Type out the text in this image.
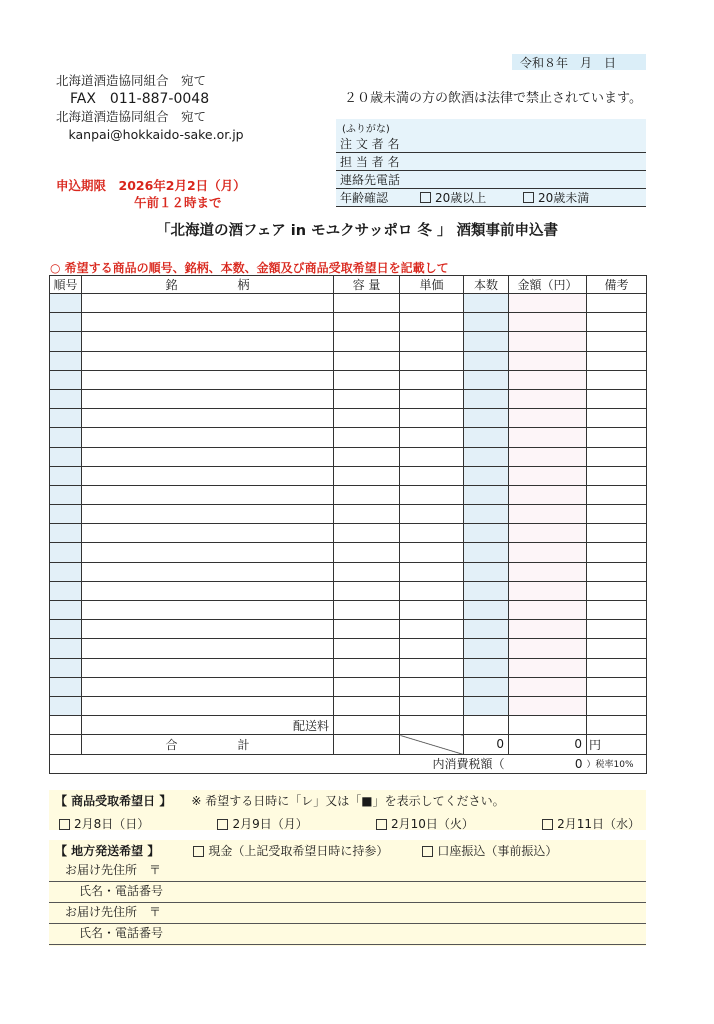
令和８年　月　日
北海道酒造協同組合　宛て
　FAX　011-887-0048
北海道酒造協同組合　宛て
　kanpai@hokkaido-sake.or.jp
２０歳未満の方の飲酒は法律で禁止されています。
(ふりがな)
注 文 者 名
担 当 者 名
連絡先電話
年齢確認	20歳以上	20歳未満
申込期限　2026年2月2日（月）
午前１２時まで
「北海道の酒フェア in モユクサッポロ 冬 」 酒類事前申込書
○ 希望する商品の順号、銘柄、本数、金額及び商品受取希望日を記載して
順号	銘　　　　　柄	容 量	単価	本数	金額（円）	備考

	配送料					
	合　　　　　計			0	0	円
			内消費税額（		0	）税率10%
【 商品受取希望日 】 ※ 希望する日時に「レ」又は「■」を表示してください。
2月8日（日）	2月9日（月）	2月10日（火）	2月11日（水）
【 地方発送希望 】	現金（上記受取希望日時に持参）	口座振込（事前振込）
お届け先住所　〒
氏名・電話番号
お届け先住所　〒
氏名・電話番号
